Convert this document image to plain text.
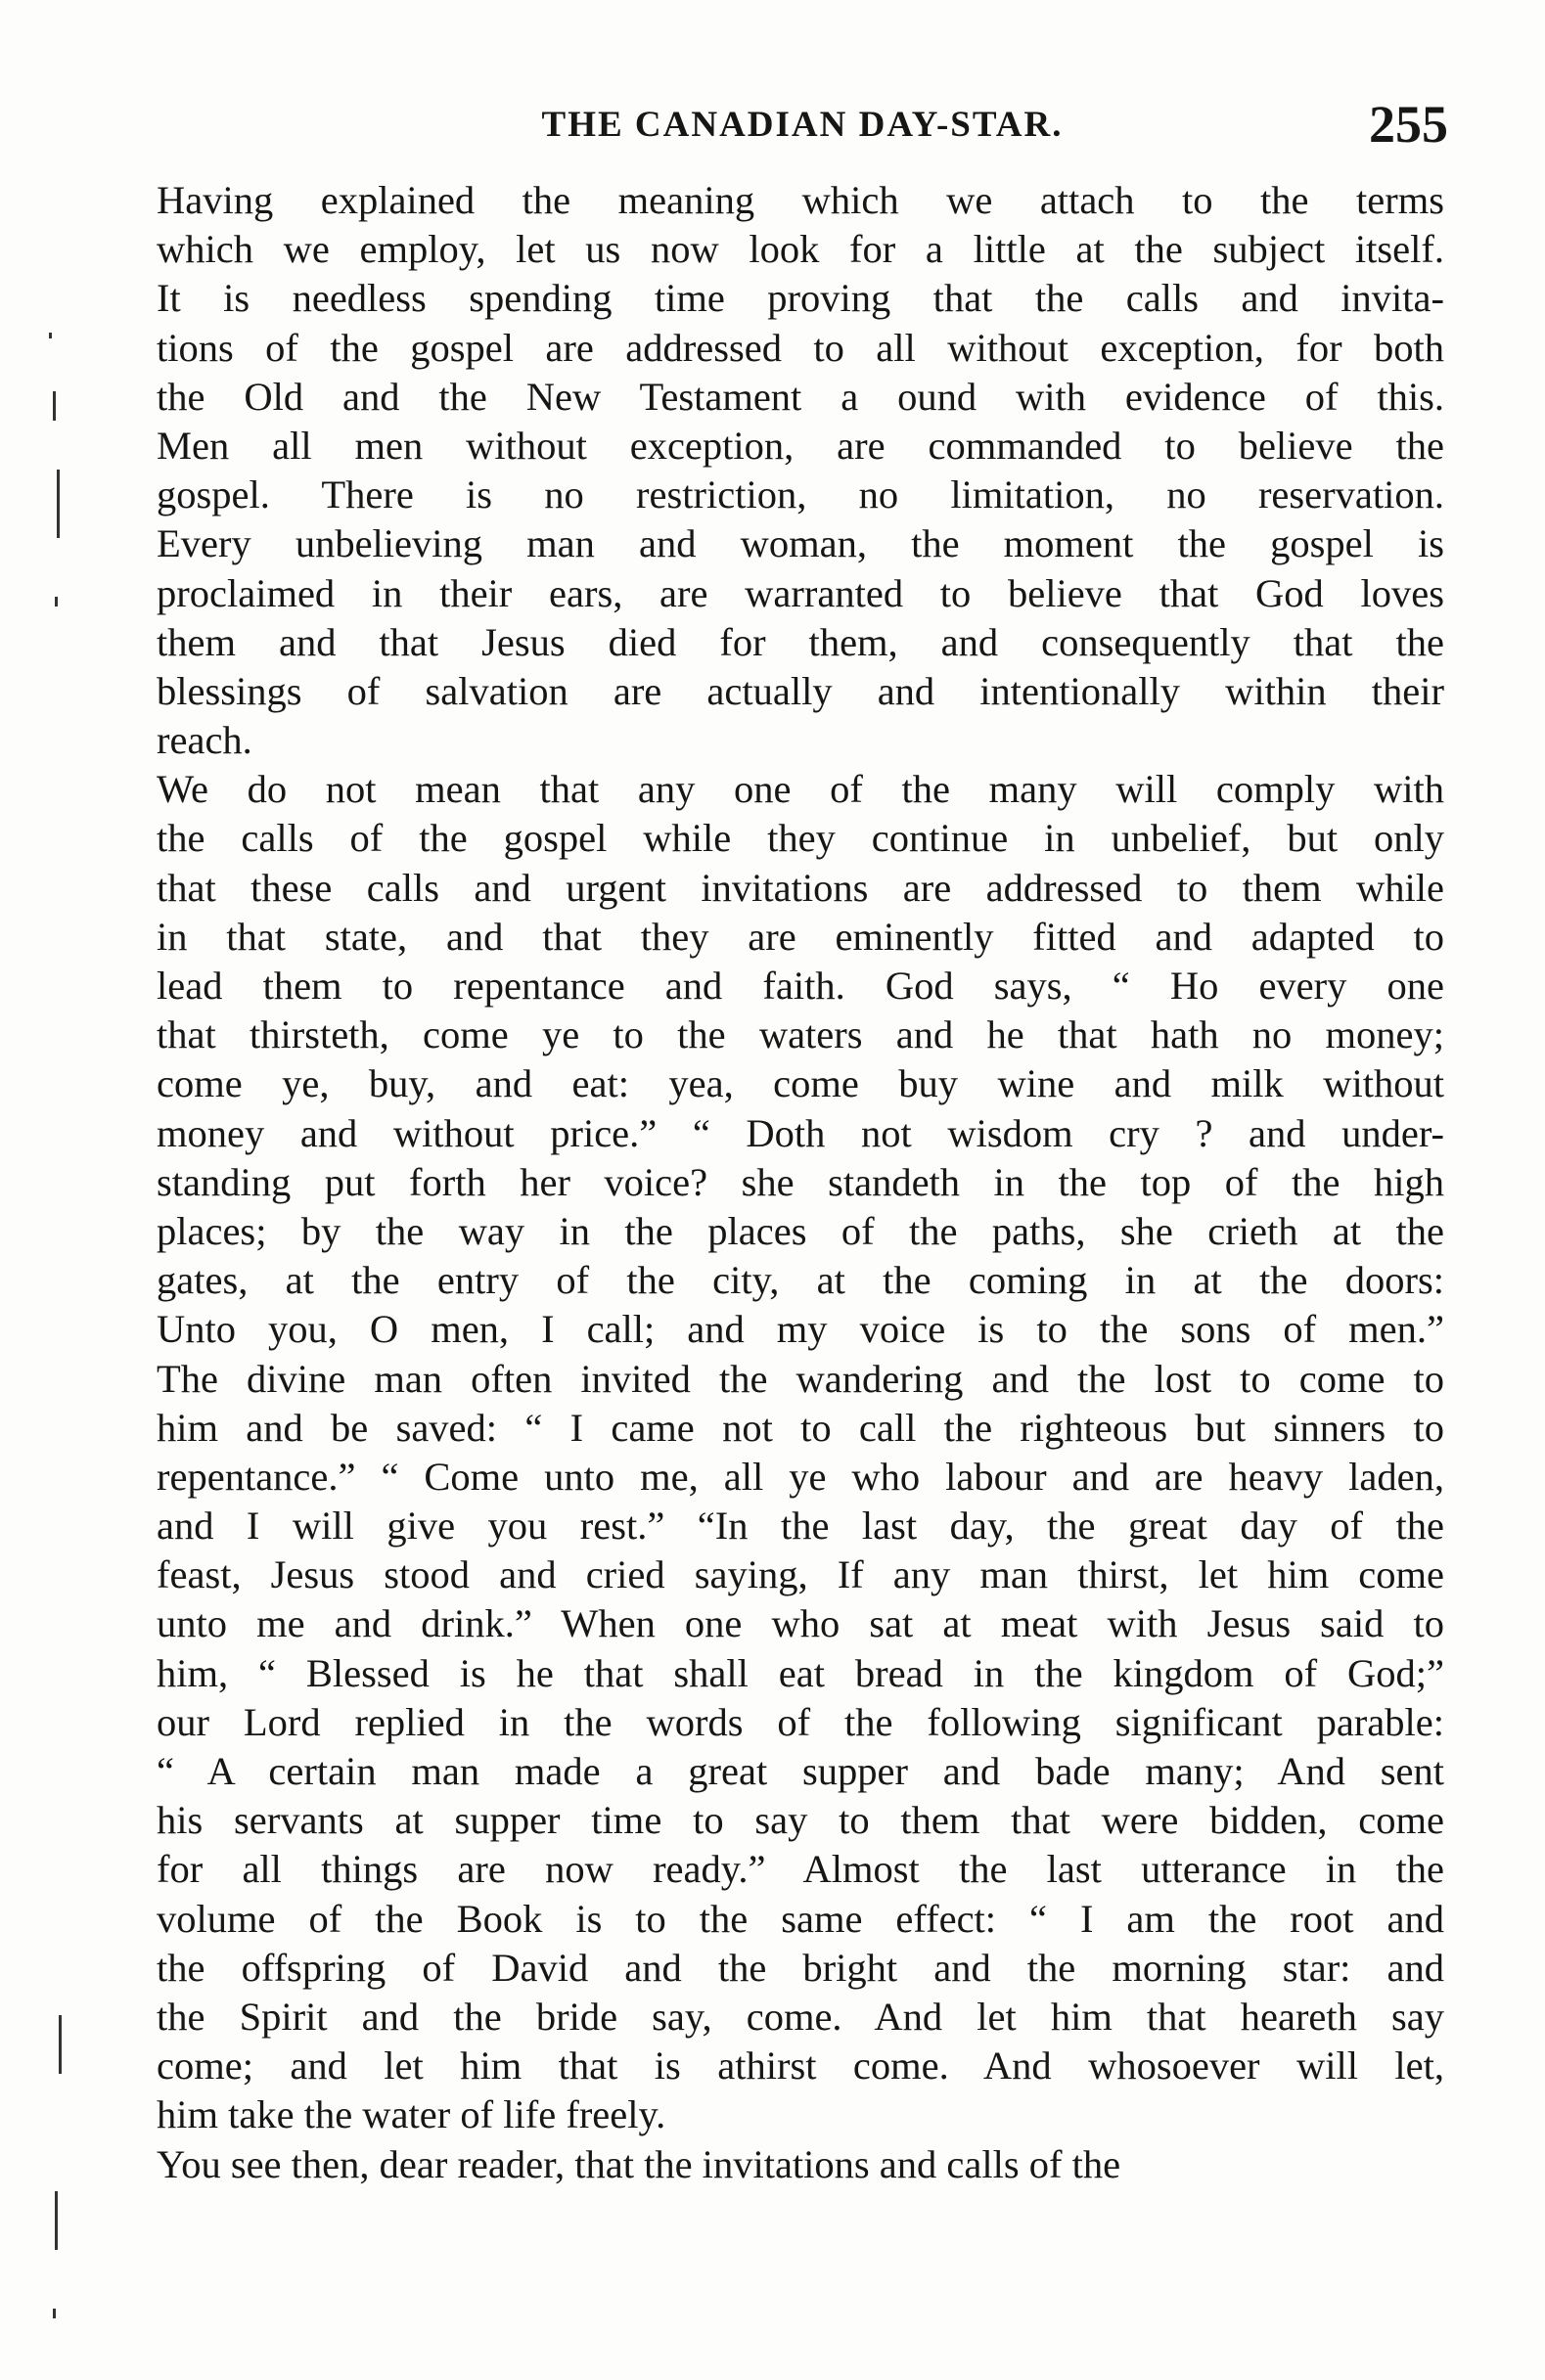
THE CANADIAN DAY-STAR.	255
Having explained the meaning which we attach to the terms
which we employ, let us now look for a little at the subject itself.
It is needless spending time proving that the calls and invita-
tions of the gospel are addressed to all without exception, for both
the Old and the New Testament a ound with evidence of this.
Men all men without exception, are commanded to believe the
gospel. There is no restriction, no limitation, no reservation.
Every unbelieving man and woman, the moment the gospel is
proclaimed in their ears, are warranted to believe that God loves
them and that Jesus died for them, and consequently that the
blessings of salvation are actually and intentionally within their
reach.
We do not mean that any one of the many will comply with
the calls of the gospel while they continue in unbelief, but only
that these calls and urgent invitations are addressed to them while
in that state, and that they are eminently fitted and adapted to
lead them to repentance and faith. God says, “ Ho every one
that thirsteth, come ye to the waters and he that hath no money;
come ye, buy, and eat: yea, come buy wine and milk without
money and without price.” “ Doth not wisdom cry ? and under-
standing put forth her voice? she standeth in the top of the high
places; by the way in the places of the paths, she crieth at the
gates, at the entry of the city, at the coming in at the doors:
Unto you, O men, I call; and my voice is to the sons of men.”
The divine man often invited the wandering and the lost to come to
him and be saved: “ I came not to call the righteous but sinners to
repentance.” “ Come unto me, all ye who labour and are heavy laden,
and I will give you rest.” “In the last day, the great day of the
feast, Jesus stood and cried saying, If any man thirst, let him come
unto me and drink.” When one who sat at meat with Jesus said to
him, “ Blessed is he that shall eat bread in the kingdom of God;”
our Lord replied in the words of the following significant parable:
“ A certain man made a great supper and bade many; And sent
his servants at supper time to say to them that were bidden, come
for all things are now ready.” Almost the last utterance in the
volume of the Book is to the same effect: “ I am the root and
the offspring of David and the bright and the morning star: and
the Spirit and the bride say, come. And let him that heareth say
come; and let him that is athirst come. And whosoever will let,
him take the water of life freely.
You see then, dear reader, that the invitations and calls of the
